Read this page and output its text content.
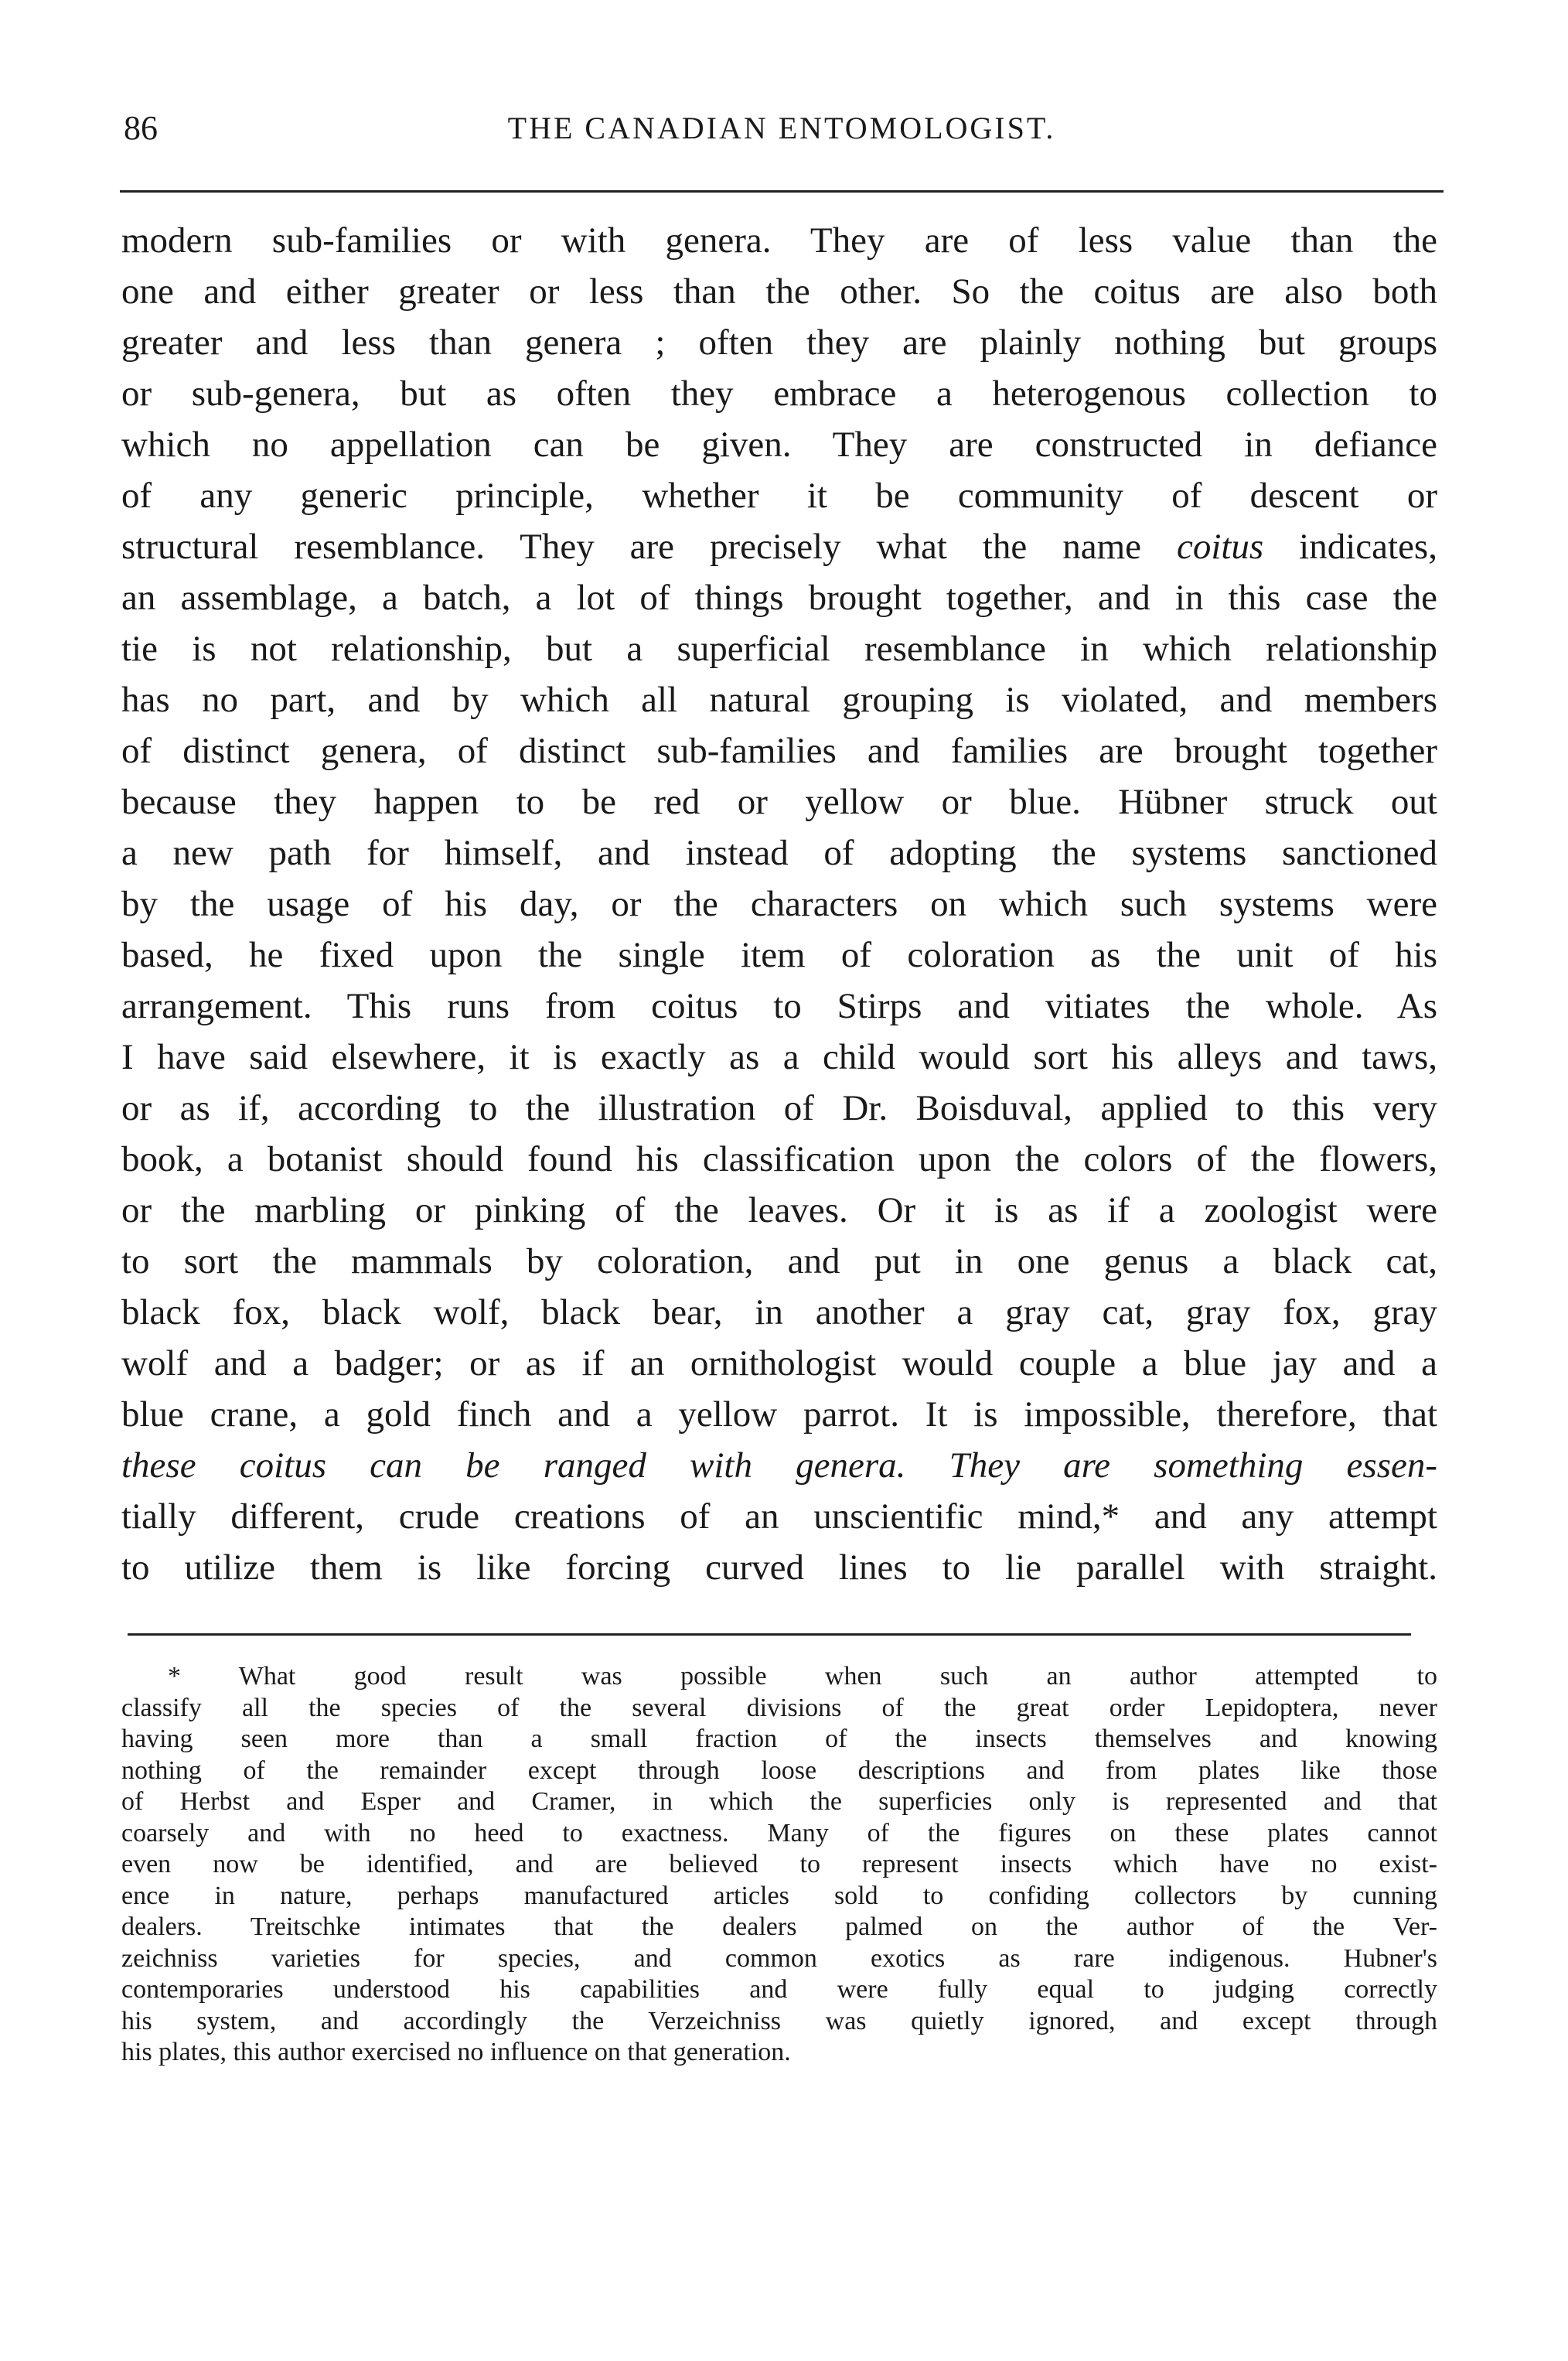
86	THE CANADIAN ENTOMOLOGIST.
modern sub-families or with genera. They are of less value than the
one and either greater or less than the other. So the coitus are also both
greater and less than genera ; often they are plainly nothing but groups
or sub-genera, but as often they embrace a heterogenous collection to
which no appellation can be given. They are constructed in defiance
of any generic principle, whether it be community of descent or
structural resemblance. They are precisely what the name coitus indicates,
an assemblage, a batch, a lot of things brought together, and in this case the
tie is not relationship, but a superficial resemblance in which relationship
has no part, and by which all natural grouping is violated, and members
of distinct genera, of distinct sub-families and families are brought together
because they happen to be red or yellow or blue. Hübner struck out
a new path for himself, and instead of adopting the systems sanctioned
by the usage of his day, or the characters on which such systems were
based, he fixed upon the single item of coloration as the unit of his
arrangement. This runs from coitus to Stirps and vitiates the whole. As
I have said elsewhere, it is exactly as a child would sort his alleys and taws,
or as if, according to the illustration of Dr. Boisduval, applied to this very
book, a botanist should found his classification upon the colors of the flowers,
or the marbling or pinking of the leaves. Or it is as if a zoologist were
to sort the mammals by coloration, and put in one genus a black cat,
black fox, black wolf, black bear, in another a gray cat, gray fox, gray
wolf and a badger; or as if an ornithologist would couple a blue jay and a
blue crane, a gold finch and a yellow parrot. It is impossible, therefore, that
these coitus can be ranged with genera. They are something essen-
tially different, crude creations of an unscientific mind,* and any attempt
to utilize them is like forcing curved lines to lie parallel with straight.
* What good result was possible when such an author attempted to
classify all the species of the several divisions of the great order Lepidoptera, never
having seen more than a small fraction of the insects themselves and knowing
nothing of the remainder except through loose descriptions and from plates like those
of Herbst and Esper and Cramer, in which the superficies only is represented and that
coarsely and with no heed to exactness. Many of the figures on these plates cannot
even now be identified, and are believed to represent insects which have no exist-
ence in nature, perhaps manufactured articles sold to confiding collectors by cunning
dealers. Treitschke intimates that the dealers palmed on the author of the Ver-
zeichniss varieties for species, and common exotics as rare indigenous. Hubner's
contemporaries understood his capabilities and were fully equal to judging correctly
his system, and accordingly the Verzeichniss was quietly ignored, and except through
his plates, this author exercised no influence on that generation.
